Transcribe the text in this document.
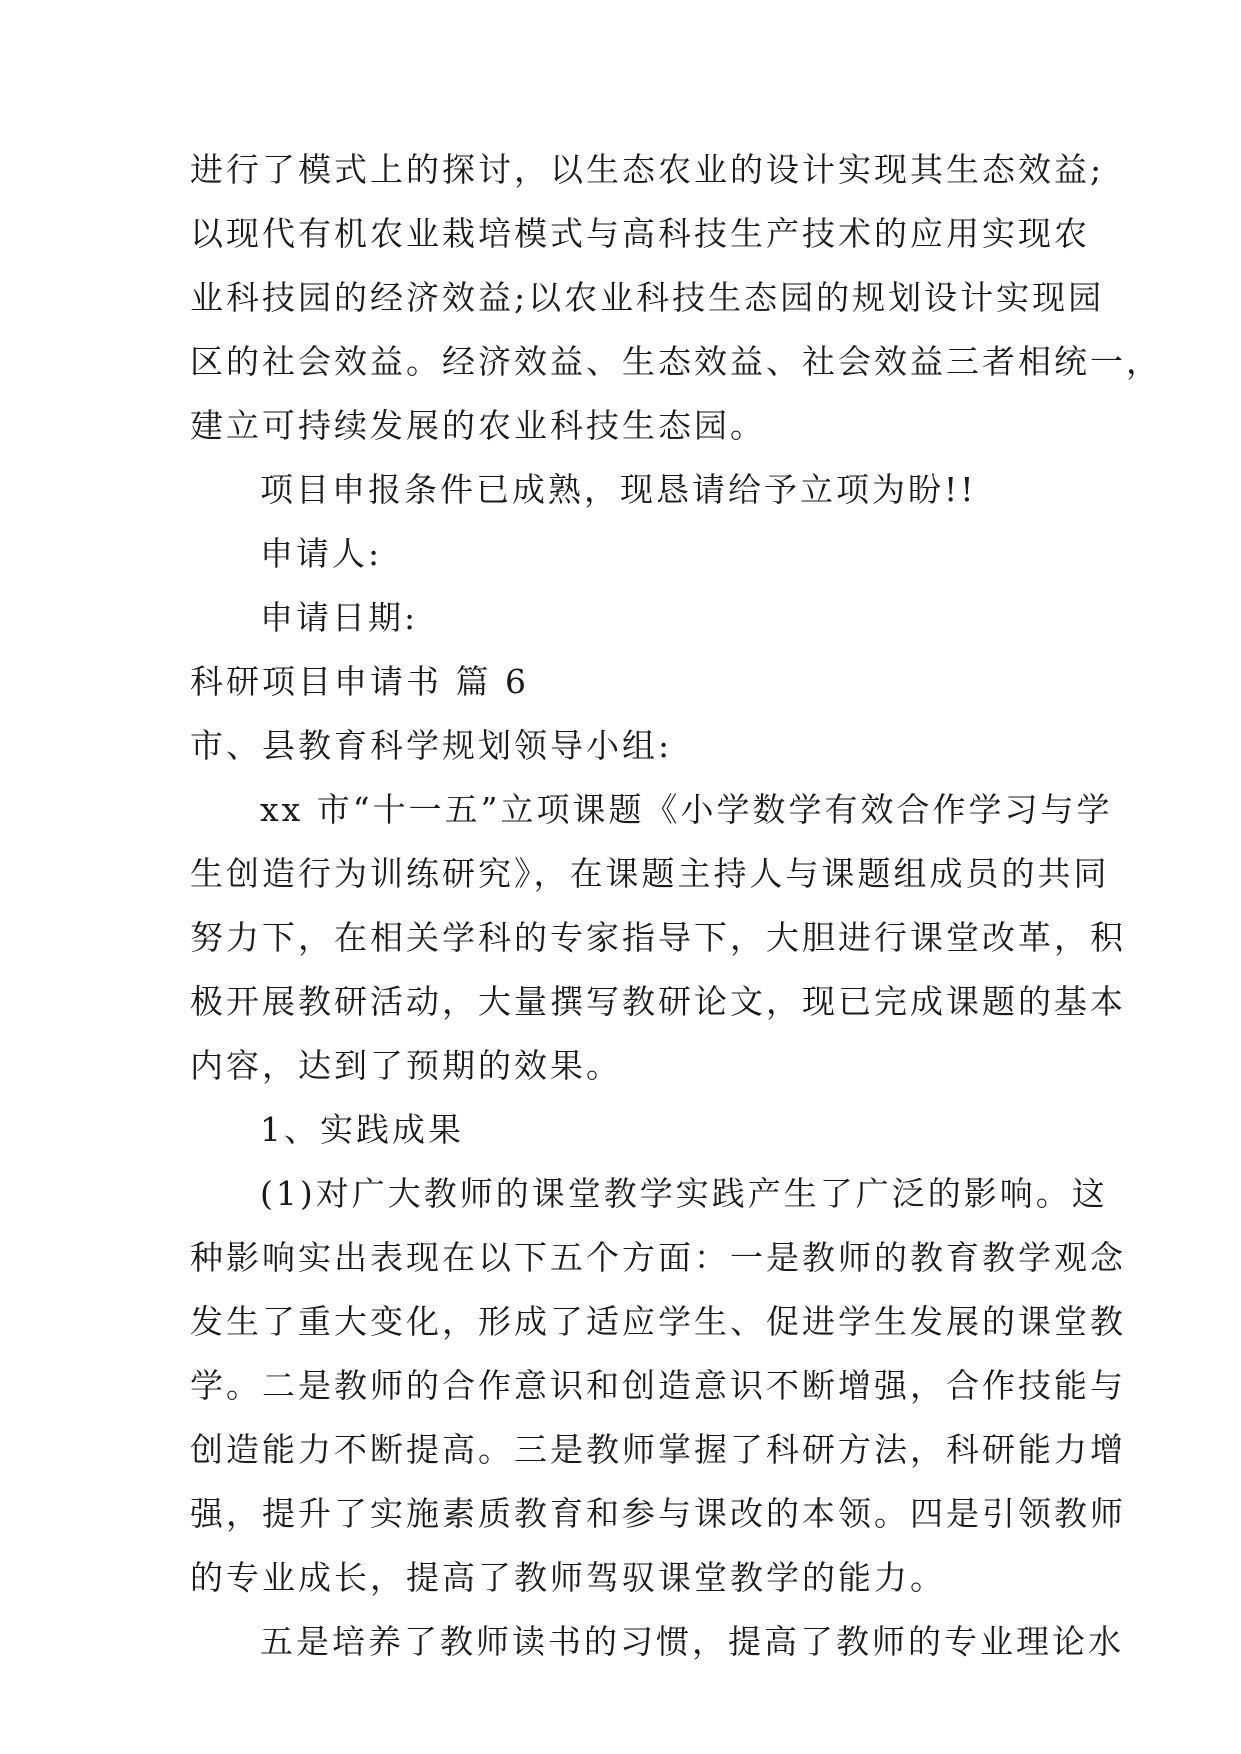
进行了模式上的探讨，以生态农业的设计实现其生态效益;
以现代有机农业栽培模式与高科技生产技术的应用实现农
业科技园的经济效益;以农业科技生态园的规划设计实现园
区的社会效益。经济效益、生态效益、社会效益三者相统一，
建立可持续发展的农业科技生态园。
项目申报条件已成熟，现恳请给予立项为盼!!
申请人:
申请日期:
科研项目申请书 篇 6
市、县教育科学规划领导小组:
xx 市“十一五”立项课题《小学数学有效合作学习与学
生创造行为训练研究》，在课题主持人与课题组成员的共同
努力下，在相关学科的专家指导下，大胆进行课堂改革，积
极开展教研活动，大量撰写教研论文，现已完成课题的基本
内容，达到了预期的效果。
1、实践成果
(1)对广大教师的课堂教学实践产生了广泛的影响。这
种影响实出表现在以下五个方面：一是教师的教育教学观念
发生了重大变化，形成了适应学生、促进学生发展的课堂教
学。二是教师的合作意识和创造意识不断增强，合作技能与
创造能力不断提高。三是教师掌握了科研方法，科研能力增
强，提升了实施素质教育和参与课改的本领。四是引领教师
的专业成长，提高了教师驾驭课堂教学的能力。
五是培养了教师读书的习惯，提高了教师的专业理论水
